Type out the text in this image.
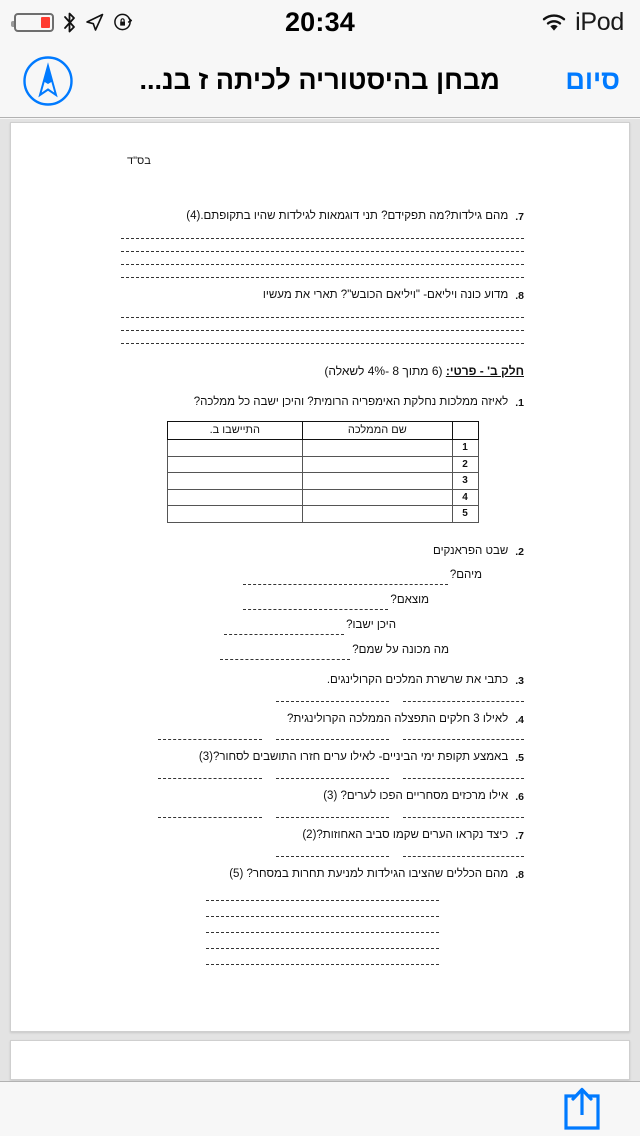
20:34	iPod
מבחן בהיסטוריה לכיתה ז בנ...	סיום
בס"ד
7.
מהם גילדות?מה תפקידם? תני דוגמאות לגילדות שהיו בתקופתם.(4)
8.
מדוע כונה ויליאם- "ויליאם הכובש"? תארי את מעשיו
חלק ב' - פרטי: (6 מתוך 8 -4% לשאלה)
1.
לאיזה ממלכות נחלקת האימפריה הרומית? והיכן ישבה כל ממלכה?
	שם הממלכה	התיישבו ב.
1		
2		
3		
4		
5		
2.
שבט הפראנקים
מיהם?
מוצאם?
היכן ישבו?
מה מכונה על שמם?
3.
כתבי את שרשרת המלכים הקרולינגים.
4.
לאילו 3 חלקים התפצלה הממלכה הקרולינגית?
5.
באמצע תקופת ימי הביניים- לאילו ערים חזרו התושבים לסחור?(3)
6.
אילו מרכזים מסחריים הפכו לערים? (3)
7.
כיצד נקראו הערים שקמו סביב האחוזות?(2)
8.
מהם הכללים שהציבו הגילדות למניעת תחרות במסחר? (5)
